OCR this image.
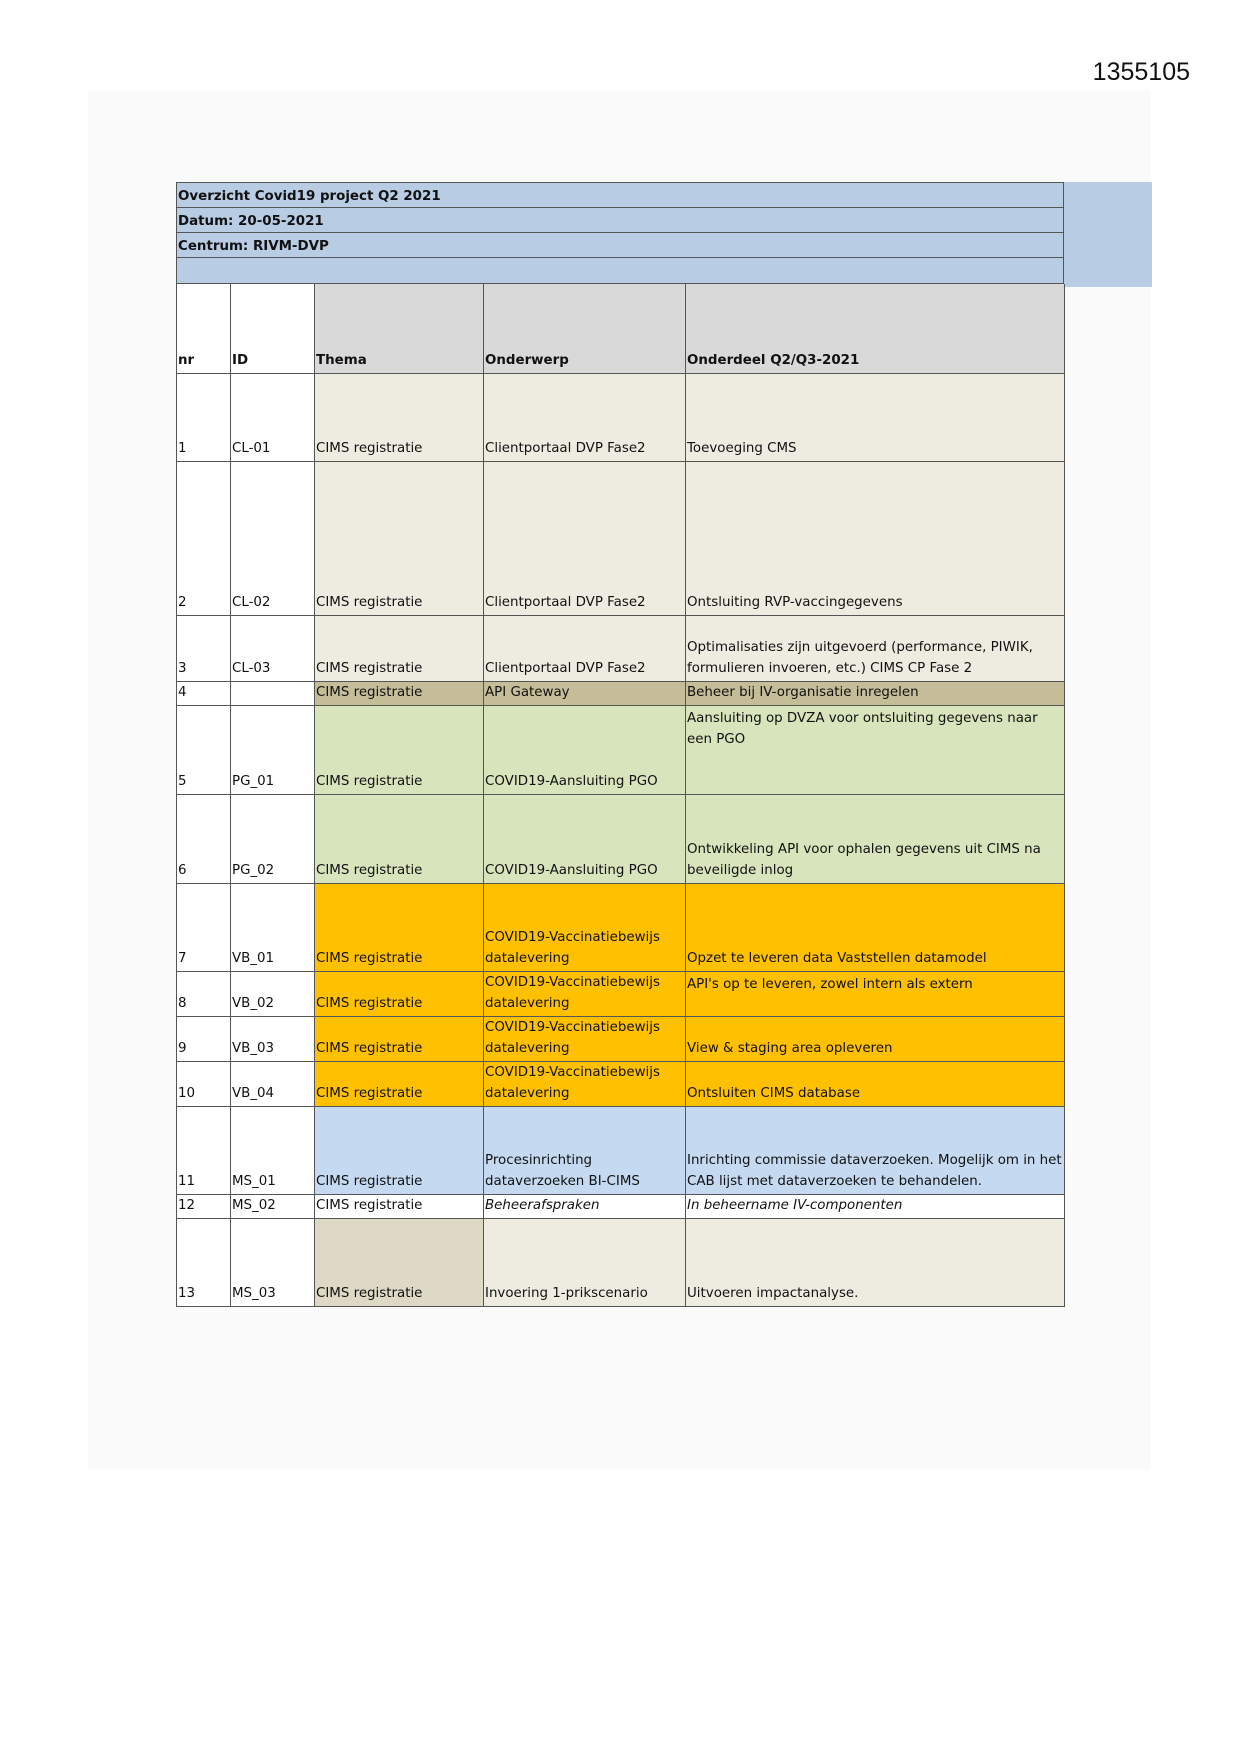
1355105
Overzicht Covid19 project Q2 2021
Datum: 20-05-2021
Centrum: RIVM-DVP
nr	ID	Thema	Onderwerp	Onderdeel Q2/Q3-2021
1	CL-01	CIMS registratie	Clientportaal DVP Fase2	Toevoeging CMS
2	CL-02	CIMS registratie	Clientportaal DVP Fase2	Ontsluiting RVP-vaccingegevens
3	CL-03	CIMS registratie	Clientportaal DVP Fase2	Optimalisaties zijn uitgevoerd (performance, PIWIK, formulieren invoeren, etc.) CIMS CP Fase 2
4		CIMS registratie	API Gateway	Beheer bij IV-organisatie inregelen
5	PG_01	CIMS registratie	COVID19-Aansluiting PGO	Aansluiting op DVZA voor ontsluiting gegevens naar een PGO
6	PG_02	CIMS registratie	COVID19-Aansluiting PGO	Ontwikkeling API voor ophalen gegevens uit CIMS na beveiligde inlog
7	VB_01	CIMS registratie	COVID19-Vaccinatiebewijs datalevering	Opzet te leveren data Vaststellen datamodel
8	VB_02	CIMS registratie	COVID19-Vaccinatiebewijs datalevering	API's op te leveren, zowel intern als extern
9	VB_03	CIMS registratie	COVID19-Vaccinatiebewijs datalevering	View & staging area opleveren
10	VB_04	CIMS registratie	COVID19-Vaccinatiebewijs datalevering	Ontsluiten CIMS database
11	MS_01	CIMS registratie	Procesinrichting dataverzoeken BI-CIMS	Inrichting commissie dataverzoeken. Mogelijk om in het CAB lijst met dataverzoeken te behandelen.
12	MS_02	CIMS registratie	Beheerafspraken	In beheername IV-componenten
13	MS_03	CIMS registratie	Invoering 1-prikscenario	Uitvoeren impactanalyse.
